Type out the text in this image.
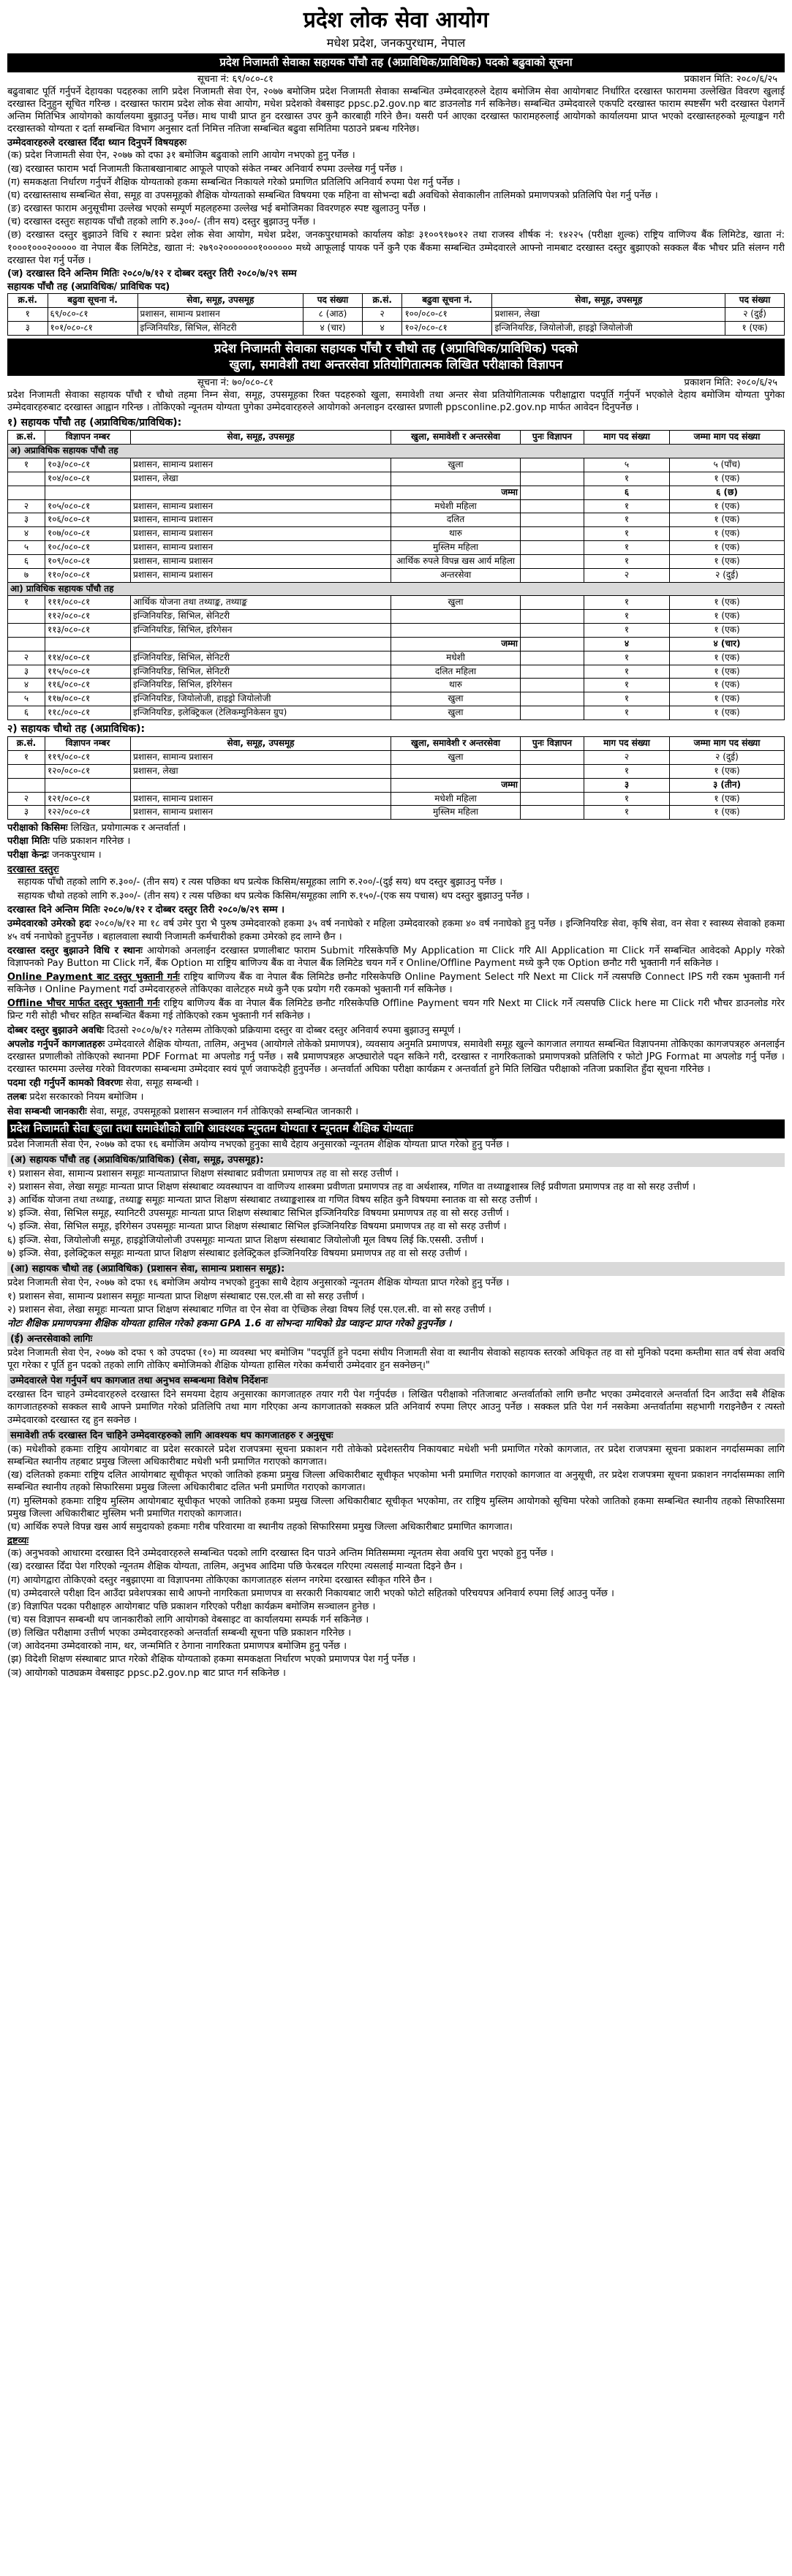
प्रदेश लोक सेवा आयोग
मधेश प्रदेश, जनकपुरधाम, नेपाल
प्रदेश निजामती सेवाका सहायक पाँचौ तह (अप्राविधिक/प्राविधिक) पदको बढुवाको सूचना
सूचना नं: ६९/०८०-८१	प्रकाशन मिति: २०८०/६/२५

बढुवाबाट पूर्ति गर्नुपर्ने देहायका पदहरुका लागि प्रदेश निजामती सेवा ऐन, २०७७ बमोजिम प्रदेश निजामती सेवाका सम्बन्धित उम्मेदवारहरुले देहाय बमोजिम सेवा आयोगबाट निर्धारित दरखास्त फाराममा उल्लेखित विवरण खुलाई दरखास्त दिनुहुन सूचित गरिन्छ । दरखास्त फाराम प्रदेश लोक सेवा आयोग, मधेश प्रदेशको वेबसाइट ppsc.p2.gov.np बाट डाउनलोड गर्न सकिनेछ। सम्बन्धित उम्मेदवारले एकपटि दरखास्त फाराम स्पष्टसँग भरी दरखास्त पेशगर्ने अन्तिम मितिभित्र आयोगको कार्यालयमा बुझाउनु पर्नेछ। माथ पाथी प्राप्त हुन दरखास्त उपर कुनै कारबाही गरिने छैन। यसरी पर्न आएका दरखास्त फारामहरुलाई आयोगको कार्यालयमा प्राप्त भएको दरखास्तहरुको मूल्याङ्कन गरी दरखास्तको योग्यता र दर्ता सम्बन्धित विभाग अनुसार दर्ता निमित्त नतिजा सम्बन्धित बढुवा समितिमा पठाउने प्रबन्ध गरिनेछ।

उम्मेदवारहरुले दरखास्त दिँदा ध्यान दिनुपर्ने विषयहरुः

(क) प्रदेश निजामती सेवा ऐन, २०७७ को दफा ३१ बमोजिम बढुवाको लागि आयोग नभएको हुनु पर्नेछ ।

(ख) दरखास्त फाराम भर्दा निजामती किताबखानाबाट आफूले पाएको संकेत नम्बर अनिवार्य रुपमा उल्लेख गर्नु पर्नेछ ।

(ग) समकक्षता निर्धारण गर्नुपर्ने शैक्षिक योग्यताको हकमा सम्बन्धित निकायले गरेको प्रमाणित प्रतिलिपि अनिवार्य रुपमा पेश गर्नु पर्नेछ ।

(घ) दरखास्तसाथ सम्बन्धित सेवा, समूह वा उपसमूहको शैक्षिक योग्यताको सम्बन्धित विषयमा एक महिना वा सोभन्दा बढी अवधिको सेवाकालीन तालिमको प्रमाणपत्रको प्रतिलिपि पेश गर्नु पर्नेछ ।

(ङ) दरखास्त फाराम अनुसूचीमा उल्लेख भएको सम्पूर्ण महलहरुमा उल्लेख भई बमोजिमका विवरणहरु स्पष्ट खुलाउनु पर्नेछ ।

(च) दरखास्त दस्तुरः सहायक पाँचौ तहको लागि रु.३००/- (तीन सय) दस्तुर बुझाउनु पर्नेछ ।

(छ) दरखास्त दस्तुर बुझाउने विधि र स्थानः प्रदेश लोक सेवा आयोग, मधेश प्रदेश, जनकपुरधामको कार्यालय कोडः ३१००९१७०१२ तथा राजस्व शीर्षक नं: १४२२५ (परीक्षा शुल्क) राष्ट्रिय वाणिज्य बैंक लिमिटेड, खाता नं: १०००१०००२००००० वा नेपाल बैंक लिमिटेड, खाता नं: २७९०२०००००००१०००००० मध्ये आफूलाई पायक पर्ने कुनै एक बैंकमा सम्बन्धित उम्मेदवारले आफ्नो नामबाट दरखास्त दस्तुर बुझाएको सक्कल बैंक भौचर प्रति संलग्न गरी दरखास्त पेश गर्नु पर्नेछ ।

(ज) दरखास्त दिने अन्तिम मितिः २०८०/७/१२ र दोब्बर दस्तुर तिरी २०८०/७/२९ सम्म

सहायक पाँचौ तह (अप्राविधिक/ प्राविधिक पद)
क्र.सं.	बढुवा सूचना नं.	सेवा, समूह, उपसमूह	पद संख्या	क्र.सं.	बढुवा सूचना नं.	सेवा, समूह, उपसमूह	पद संख्या
१	६९/०८०-८१	प्रशासन, सामान्य प्रशासन	८ (आठ)	२	१००/०८०-८१	प्रशासन, लेखा	२ (दुई)
३	१०१/०८०-८१	इन्जिनियरिङ, सिभिल, सेनिटरी	४ (चार)	४	१०२/०८०-८१	इन्जिनियरिङ, जियोलोजी, हाइड्रो जियोलोजी	१ (एक)
प्रदेश निजामती सेवाका सहायक पाँचौ र चौथो तह (अप्राविधिक/प्राविधिक) पदको
खुला, समावेशी तथा अन्तरसेवा प्रतियोगितात्मक लिखित परीक्षाको विज्ञापन
सूचना नं: ७०/०८०-८१	प्रकाशन मिति: २०८०/६/२५

प्रदेश निजामती सेवाका सहायक पाँचौ र चौथो तहमा निम्न सेवा, समूह, उपसमूहका रिक्त पदहरुको खुला, समावेशी तथा अन्तर सेवा प्रतियोगितात्मक परीक्षाद्वारा पदपूर्ति गर्नुपर्ने भएकोले देहाय बमोजिम योग्यता पुगेका उम्मेदवारहरुबाट दरखास्त आह्वान गरिन्छ । तोकिएको न्यूनतम योग्यता पुगेका उम्मेदवारहरुले आयोगको अनलाइन दरखास्त प्रणाली ppsconline.p2.gov.np मार्फत आवेदन दिनुपर्नेछ ।

१) सहायक पाँचौ तह (अप्राविधिक/प्राविधिक):
क्र.सं.	विज्ञापन नम्बर	सेवा, समूह, उपसमूह	खुला, समावेशी र अन्तरसेवा	पुनः विज्ञापन	माग पद संख्या	जम्मा माग पद संख्या
अ) अप्राविधिक सहायक पाँचौ तह						
१	१०३/०८०-८१	प्रशासन, सामान्य प्रशासन	खुला		५	५ (पाँच)
	१०४/०८०-८१	प्रशासन, लेखा			१	१ (एक)
			जम्मा		६	६ (छ)
२	१०५/०८०-८१	प्रशासन, सामान्य प्रशासन	मधेशी महिला		१	१ (एक)
३	१०६/०८०-८१	प्रशासन, सामान्य प्रशासन	दलित		१	१ (एक)
४	१०७/०८०-८१	प्रशासन, सामान्य प्रशासन	थारु		१	१ (एक)
५	१०८/०८०-८१	प्रशासन, सामान्य प्रशासन	मुस्लिम महिला		१	१ (एक)
६	१०९/०८०-८१	प्रशासन, सामान्य प्रशासन	आर्थिक रुपले विपन्न खस आर्य महिला		१	१ (एक)
७	११०/०८०-८१	प्रशासन, सामान्य प्रशासन	अन्तरसेवा		२	२ (दुई)
आ) प्राविधिक सहायक पाँचौ तह						
१	१११/०८०-८१	आर्थिक योजना तथा तथ्याङ्क, तथ्याङ्क	खुला		१	१ (एक)
	११२/०८०-८१	इन्जिनियरिङ, सिभिल, सेनिटरी			१	१ (एक)
	११३/०८०-८१	इन्जिनियरिङ, सिभिल, इरिगेसन			१	१ (एक)
			जम्मा		४	४ (चार)
२	११४/०८०-८१	इन्जिनियरिङ, सिभिल, सेनिटरी	मधेशी		१	१ (एक)
३	११५/०८०-८१	इन्जिनियरिङ, सिभिल, सेनिटरी	दलित महिला		१	१ (एक)
४	११६/०८०-८१	इन्जिनियरिङ, सिभिल, इरिगेसन	थारु		१	१ (एक)
५	११७/०८०-८१	इन्जिनियरिङ, जियोलोजी, हाइड्रो जियोलोजी	खुला		१	१ (एक)
६	११८/०८०-८१	इन्जिनियरिङ, इलेक्ट्रिकल (टेलिकम्युनिकेसन ग्रुप)	खुला		१	१ (एक)
२) सहायक चौथो तह (अप्राविधिक):
क्र.सं.	विज्ञापन नम्बर	सेवा, समूह, उपसमूह	खुला, समावेशी र अन्तरसेवा	पुनः विज्ञापन	माग पद संख्या	जम्मा माग पद संख्या
१	११९/०८०-८१	प्रशासन, सामान्य प्रशासन	खुला		२	२ (दुई)
	१२०/०८०-८१	प्रशासन, लेखा			१	१ (एक)
			जम्मा		३	३ (तीन)
२	१२१/०८०-८१	प्रशासन, सामान्य प्रशासन	मधेशी महिला		१	१ (एक)
३	१२२/०८०-८१	प्रशासन, सामान्य प्रशासन	मुस्लिम महिला		१	१ (एक)
परीक्षाको किसिमः लिखित, प्रयोगात्मक र अन्तर्वार्ता ।
परीक्षा मितिः पछि प्रकाशन गरिनेछ ।
परीक्षा केन्द्रः जनकपुरधाम ।
दरखास्त दस्तुरः

सहायक पाँचौ तहको लागि रु.३००/- (तीन सय) र त्यस पछिका थप प्रत्येक किसिम/समूहका लागि रु.२००/-(दुई सय) थप दस्तुर बुझाउनु पर्नेछ ।

सहायक चौथो तहको लागि रु.३००/- (तीन सय) र त्यस पछिका थप प्रत्येक किसिम/समूहका लागि रु.१५०/-(एक सय पचास) थप दस्तुर बुझाउनु पर्नेछ ।

दरखास्त दिने अन्तिम मितिः २०८०/७/१२ र दोब्बर दस्तुर तिरी २०८०/७/२९ सम्म ।

उम्मेदवारको उमेरको हदः २०८०/७/१२ मा १८ वर्ष उमेर पुरा भै पुरुष उम्मेदवारको हकमा ३५ वर्ष ननाघेको र महिला उम्मेदवारको हकमा ४० वर्ष ननाघेको हुनु पर्नेछ । इन्जिनियरिङ सेवा, कृषि सेवा, वन सेवा र स्वास्थ्य सेवाको हकमा ४५ वर्ष ननाघेको हुनुपर्नेछ । बहालवाला स्थायी निजामती कर्मचारीको हकमा उमेरको हद लाग्ने छैन ।

दरखास्त दस्तुर बुझाउने विधि र स्थानः आयोगको अनलाईन दरखास्त प्रणालीबाट फाराम Submit गरिसकेपछि My Application मा Click गरि All Application मा Click गर्ने सम्बन्धित आवेदको Apply गरेको विज्ञापनको Pay Button मा Click गर्ने, बैंक Option मा राष्ट्रिय बाणिज्य बैंक वा नेपाल बैंक लिमिटेड चयन गर्ने र Online/Offline Payment मध्ये कुनै एक Option छनौट गरी भुक्तानी गर्न सकिनेछ ।

Online Payment बाट दस्तुर भुक्तानी गर्नः राष्ट्रिय बाणिज्य बैंक वा नेपाल बैंक लिमिटेड छनौट गरिसकेपछि Online Payment Select गरि Next मा Click गर्ने त्यसपछि Connect IPS गरी रकम भुक्तानी गर्न सकिनेछ । Online Payment गर्दा उम्मेदवारहरुले तोकिएका वालेटहरु मध्ये कुनै एक प्रयोग गरी रकमको भुक्तानी गर्न सकिनेछ ।

Offline भौचर मार्फत दस्तुर भुक्तानी गर्नः राष्ट्रिय बाणिज्य बैंक वा नेपाल बैंक लिमिटेड छनौट गरिसकेपछि Offline Payment चयन गरि Next मा Click गर्ने त्यसपछि Click here मा Click गरी भौचर डाउनलोड गरेर प्रिन्ट गरी सोही भौचर सहित सम्बन्धित बैंकमा गई तोकिएको रकम भुक्तानी गर्न सकिनेछ ।

दोब्बर दस्तुर बुझाउने अवधिः दिउसो २०८०/७/१२ गतेसम्म तोकिएको प्रक्रियामा दस्तुर वा दोब्बर दस्तुर अनिवार्य रुपमा बुझाउनु सम्पूर्ण ।

अपलोड गर्नुपर्ने कागजातहरुः उम्मेदवारले शैक्षिक योग्यता, तालिम, अनुभव (आयोगले तोकेको प्रमाणपत्र), व्यवसाय अनुमति प्रमाणपत्र, समावेशी समूह खुल्ने कागजात लगायत सम्बन्धित विज्ञापनमा तोकिएका कागजपत्रहरु अनलाईन दरखास्त प्रणालीको तोकिएको स्थानमा PDF Format मा अपलोड गर्नु पर्नेछ । सबै प्रमाणपत्रहरु अप्ठ्यारोले पढ्न सकिने गरी, दरखास्त र नागरिकताको प्रमाणपत्रको प्रतिलिपि र फोटो JPG Format मा अपलोड गर्नु पर्नेछ । दरखास्त फारममा उल्लेख गरेको विवरणका सम्बन्धमा उम्मेदवार स्वयं पूर्ण जवाफदेही हुनुपर्नेछ । अन्तर्वार्ता अघिका परीक्षा कार्यक्रम र अन्तर्वार्ता हुने मिति लिखित परीक्षाको नतिजा प्रकाशित हुँदा सूचना गरिनेछ ।

पदमा रही गर्नुपर्ने कामको विवरणः सेवा, समूह सम्बन्धी ।

तलबः प्रदेश सरकारको नियम बमोजिम ।

सेवा सम्बन्धी जानकारीः सेवा, समूह, उपसमूहको प्रशासन सञ्चालन गर्न तोकिएको सम्बन्धित जानकारी ।

प्रदेश निजामती सेवा खुला तथा समावेशीको लागि आवश्यक न्यूनतम योग्यता र न्यूनतम शैक्षिक योग्यताः

प्रदेश निजामती सेवा ऐन, २०७७ को दफा १६ बमोजिम अयोग्य नभएको हुनुका साथै देहाय अनुसारको न्यूनतम शैक्षिक योग्यता प्राप्त गरेको हुनु पर्नेछ ।

(अ) सहायक पाँचौ तह (अप्राविधिक/प्राविधिक) (सेवा, समूह, उपसमूह):

१) प्रशासन सेवा, सामान्य प्रशासन समूहः मान्यताप्राप्त शिक्षण संस्थाबाट प्रवीणता प्रमाणपत्र तह वा सो सरह उत्तीर्ण ।

२) प्रशासन सेवा, लेखा समूहः मान्यता प्राप्त शिक्षण संस्थाबाट व्यवस्थापन वा वाणिज्य शास्त्रमा प्रवीणता प्रमाणपत्र तह वा अर्थशास्त्र, गणित वा तथ्याङ्कशास्त्र लिई प्रवीणता प्रमाणपत्र तह वा सो सरह उत्तीर्ण ।

३) आर्थिक योजना तथा तथ्याङ्क, तथ्याङ्क समूहः मान्यता प्राप्त शिक्षण संस्थाबाट तथ्याङ्कशास्त्र वा गणित विषय सहित कुनै विषयमा स्नातक वा सो सरह उत्तीर्ण ।

४) इञ्जि. सेवा, सिभिल समूह, स्यानिटरी उपसमूहः मान्यता प्राप्त शिक्षण संस्थाबाट सिभिल इञ्जिनियरिङ विषयमा प्रमाणपत्र तह वा सो सरह उत्तीर्ण ।

५) इञ्जि. सेवा, सिभिल समूह, इरिगेसन उपसमूहः मान्यता प्राप्त शिक्षण संस्थाबाट सिभिल इञ्जिनियरिङ विषयमा प्रमाणपत्र तह वा सो सरह उत्तीर्ण ।

६) इञ्जि. सेवा, जियोलोजी समूह, हाइड्रोजियोलोजी उपसमूहः मान्यता प्राप्त शिक्षण संस्थाबाट जियोलोजी मूल विषय लिई कि.एससी. उत्तीर्ण ।

७) इञ्जि. सेवा, इलेक्ट्रिकल समूहः मान्यता प्राप्त शिक्षण संस्थाबाट इलेक्ट्रिकल इञ्जिनियरिङ विषयमा प्रमाणपत्र तह वा सो सरह उत्तीर्ण ।

(आ) सहायक चौथो तह (अप्राविधिक) (प्रशासन सेवा, सामान्य प्रशासन समूह):

प्रदेश निजामती सेवा ऐन, २०७७ को दफा १६ बमोजिम अयोग्य नभएको हुनुका साथै देहाय अनुसारको न्यूनतम शैक्षिक योग्यता प्राप्त गरेको हुनु पर्नेछ ।

१) प्रशासन सेवा, सामान्य प्रशासन समूहः मान्यता प्राप्त शिक्षण संस्थाबाट एस.एल.सी वा सो सरह उत्तीर्ण ।

२) प्रशासन सेवा, लेखा समूहः मान्यता प्राप्त शिक्षण संस्थाबाट गणित वा ऐन सेवा वा ऐच्छिक लेखा विषय लिई एस.एल.सी. वा सो सरह उत्तीर्ण ।

नोटः शैक्षिक प्रमाणपत्रमा शैक्षिक योग्यता हासिल गरेको हकमा GPA 1.6 वा सोभन्दा माथिको ग्रेड प्वाइन्ट प्राप्त गरेको हुनुपर्नेछ ।

(ई) अन्तरसेवाको लागिः

प्रदेश निजामती सेवा ऐन, २०७७ को दफा ९ को उपदफा (१०) मा व्यवस्था भए बमोजिम "पदपूर्ति हुने पदमा संघीय निजामती सेवा वा स्थानीय सेवाको सहायक स्तरको अधिकृत तह वा सो मुनिको पदमा कम्तीमा सात वर्ष सेवा अवधि पूरा गरेका र पूर्ति हुन पदको तहको लागि तोकिए बमोजिमको शैक्षिक योग्यता हासिल गरेका कर्मचारी उम्मेदवार हुन सक्नेछन्।"

उम्मेदवारले पेश गर्नुपर्ने थप कागजात तथा अनुभव सम्बन्धमा विशेष निर्देशनः

दरखास्त दिन चाहने उम्मेदवारहरुले दरखास्त दिने समयमा देहाय अनुसारका कागजातहरु तयार गरी पेश गर्नुपर्दछ । लिखित परीक्षाको नतिजाबाट अन्तर्वार्ताको लागि छनौट भएका उम्मेदवारले अन्तर्वार्ता दिन आउँदा सबै शैक्षिक कागजातहरुको सक्कल साथै आफ्ने प्रमाणित गरेको प्रतिलिपि तथा माग गरिएका अन्य कागजातको सक्कल प्रति अनिवार्य रुपमा लिएर आउनु पर्नेछ । सक्कल प्रति पेश गर्न नसकेमा अन्तर्वार्तामा सहभागी गराइनेछैन र त्यस्तो उम्मेदवारको दरखास्त रद्द हुन सक्नेछ ।

समावेशी तर्फ दरखास्त दिन चाहिने उम्मेदवारहरुको लागि आवश्यक थप कागजातहरु र अनुसूचः

(क) मधेशीको हकमाः राष्ट्रिय आयोगबाट वा प्रदेश सरकारले प्रदेश राजपत्रमा सूचना प्रकाशन गरी तोकेको प्रदेशस्तरीय निकायबाट मधेशी भनी प्रमाणित गरेको कागजात, तर प्रदेश राजपत्रमा सूचना प्रकाशन नगर्दासम्मका लागि सम्बन्धित स्थानीय तहबाट प्रमुख जिल्ला अधिकारीबाट मधेशी भनी प्रमाणित गराएको कागजात।

(ख) दलितको हकमाः राष्ट्रिय दलित आयोगबाट सूचीकृत भएको जातिको हकमा प्रमुख जिल्ला अधिकारीबाट सूचीकृत भएकोमा भनी प्रमाणित गराएको कागजात वा अनुसूची, तर प्रदेश राजपत्रमा सूचना प्रकाशन नगर्दासम्मका लागि सम्बन्धित स्थानीय तहको सिफारिसमा प्रमुख जिल्ला अधिकारीबाट दलित भनी प्रमाणित गराएको कागजात।

(ग) मुस्लिमको हकमाः राष्ट्रिय मुस्लिम आयोगबाट सूचीकृत भएको जातिको हकमा प्रमुख जिल्ला अधिकारीबाट सूचीकृत भएकोमा, तर राष्ट्रिय मुस्लिम आयोगको सूचिमा परेको जातिको हकमा सम्बन्धित स्थानीय तहको सिफारिसमा प्रमुख जिल्ला अधिकारीबाट मुस्लिम भनी प्रमाणित गराएको कागजात।

(घ) आर्थिक रुपले विपन्न खस आर्य समुदायको हकमाः गरीब परिवारमा वा स्थानीय तहको सिफारिसमा प्रमुख जिल्ला अधिकारीबाट प्रमाणित कागजात।

द्रष्टव्यः

(क) अनुभवको आधारमा दरखास्त दिने उम्मेदवारहरुले सम्बन्धित पदको लागि दरखास्त दिन पाउने अन्तिम मितिसम्ममा न्यूनतम सेवा अवधि पुरा भएको हुनु पर्नेछ ।

(ख) दरखास्त दिँदा पेश गरिएको न्यूनतम शैक्षिक योग्यता, तालिम, अनुभव आदिमा पछि फेरबदल गरिएमा त्यसलाई मान्यता दिइने छैन ।

(ग) आयोगद्वारा तोकिएको दस्तुर नबुझाएमा वा विज्ञापनमा तोकिएका कागजातहरु संलग्न नगरेमा दरखास्त स्वीकृत गरिने छैन ।

(घ) उम्मेदवारले परीक्षा दिन आउँदा प्रवेशपत्रका साथै आफ्नो नागरिकता प्रमाणपत्र वा सरकारी निकायबाट जारी भएको फोटो सहितको परिचयपत्र अनिवार्य रुपमा लिई आउनु पर्नेछ ।

(ङ) विज्ञापित पदका परीक्षाहरु आयोगबाट पछि प्रकाशन गरिएको परीक्षा कार्यक्रम बमोजिम सञ्चालन हुनेछ ।

(च) यस विज्ञापन सम्बन्धी थप जानकारीको लागि आयोगको वेबसाइट वा कार्यालयमा सम्पर्क गर्न सकिनेछ ।

(छ) लिखित परीक्षामा उत्तीर्ण भएका उम्मेदवारहरुको अन्तर्वार्ता सम्बन्धी सूचना पछि प्रकाशन गरिनेछ ।

(ज) आवेदनमा उम्मेदवारको नाम, थर, जन्ममिति र ठेगाना नागरिकता प्रमाणपत्र बमोजिम हुनु पर्नेछ ।

(झ) विदेशी शिक्षण संस्थाबाट प्राप्त गरेको शैक्षिक योग्यताको हकमा समकक्षता निर्धारण भएको प्रमाणपत्र पेश गर्नु पर्नेछ ।

(ञ) आयोगको पाठ्यक्रम वेबसाइट ppsc.p2.gov.np बाट प्राप्त गर्न सकिनेछ ।
